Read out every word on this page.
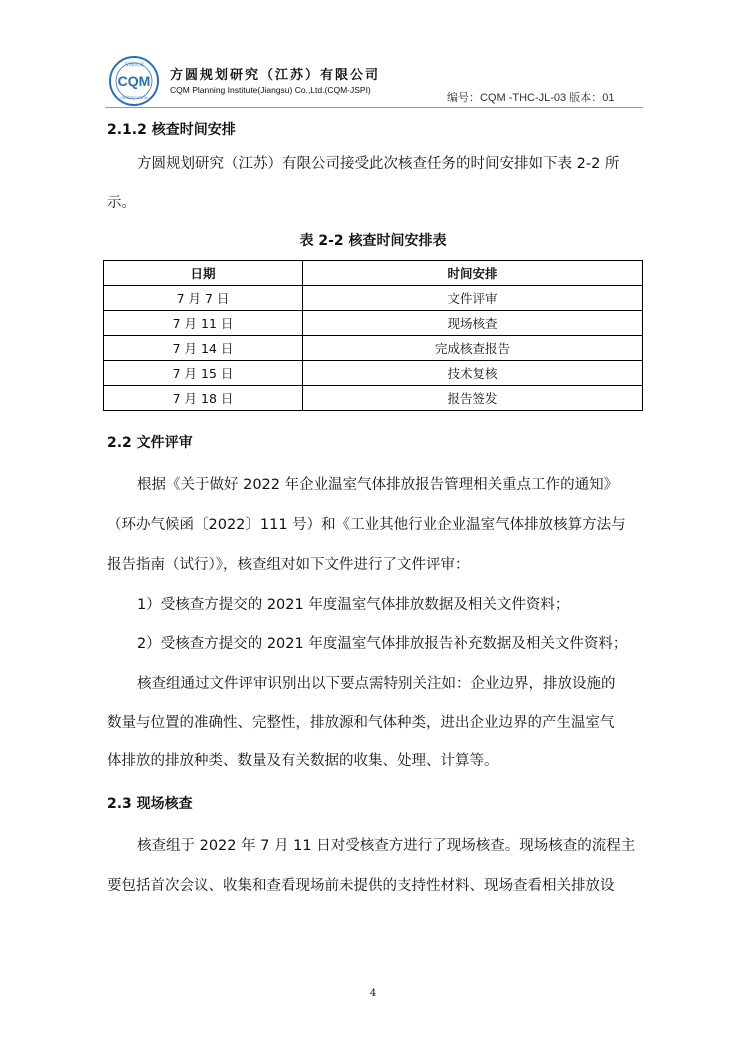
方圆认证
CQM
CERTIFICATION
方圆规划研究（江苏）有限公司
CQM Planning Institute(Jiangsu) Co.,Ltd.(CQM-JSPI)
编号：CQM -THC-JL-03 版本：01
2.1.2 核查时间安排
方圆规划研究（江苏）有限公司接受此次核查任务的时间安排如下表 2-2 所
示。
表 2-2 核查时间安排表
日期	时间安排
7 月 7 日	文件评审
7 月 11 日	现场核查
7 月 14 日	完成核查报告
7 月 15 日	技术复核
7 月 18 日	报告签发
2.2 文件评审
根据《关于做好 2022 年企业温室气体排放报告管理相关重点工作的通知》
（环办气候函〔2022〕111 号）和《工业其他行业企业温室气体排放核算方法与
报告指南（试行）》，核查组对如下文件进行了文件评审：
1）受核查方提交的 2021 年度温室气体排放数据及相关文件资料；
2）受核查方提交的 2021 年度温室气体排放报告补充数据及相关文件资料；
核查组通过文件评审识别出以下要点需特别关注如：企业边界，排放设施的
数量与位置的准确性、完整性，排放源和气体种类，进出企业边界的产生温室气
体排放的排放种类、数量及有关数据的收集、处理、计算等。
2.3 现场核查
核查组于 2022 年 7 月 11 日对受核查方进行了现场核查。现场核查的流程主
要包括首次会议、收集和查看现场前未提供的支持性材料、现场查看相关排放设
4
